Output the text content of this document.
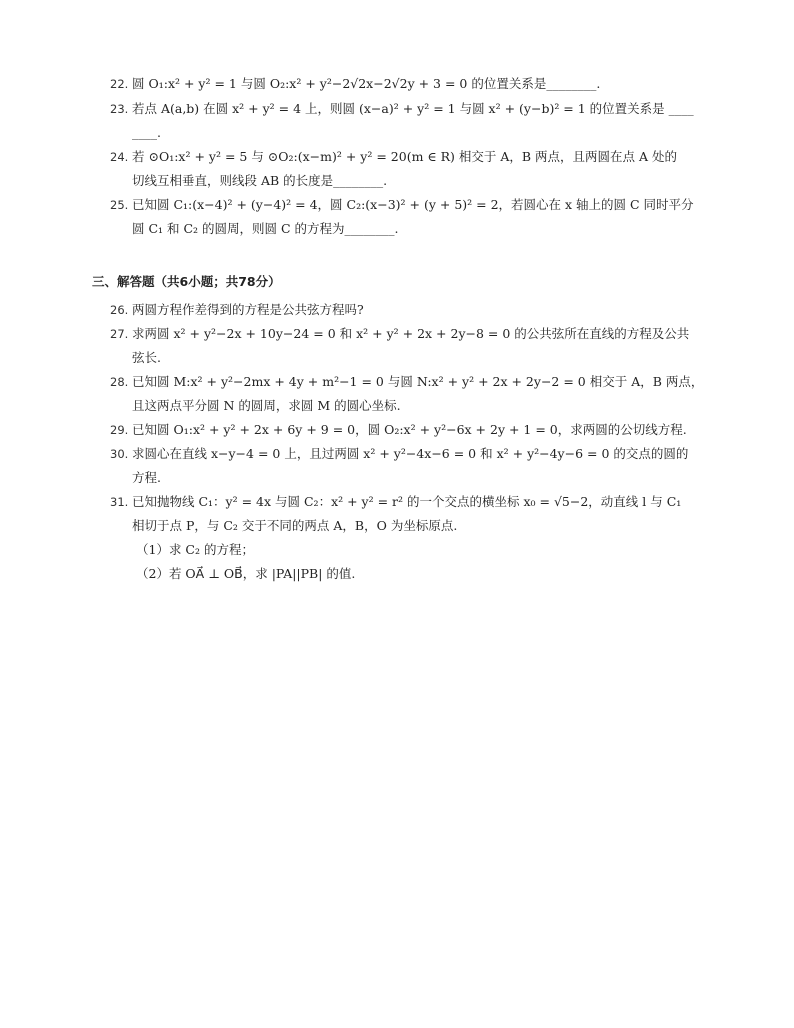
22. 圆 O₁:x² + y² = 1 与圆 O₂:x² + y²−2√2x−2√2y + 3 = 0 的位置关系是________.
23. 若点 A(a,b) 在圆 x² + y² = 4 上，则圆 (x−a)² + y² = 1 与圆 x² + (y−b)² = 1 的位置关系是 ____
____.
24. 若 ⊙O₁:x² + y² = 5 与 ⊙O₂:(x−m)² + y² = 20(m ∈ R) 相交于 A，B 两点，且两圆在点 A 处的
切线互相垂直，则线段 AB 的长度是________.
25. 已知圆 C₁:(x−4)² + (y−4)² = 4，圆 C₂:(x−3)² + (y + 5)² = 2，若圆心在 x 轴上的圆 C 同时平分
圆 C₁ 和 C₂ 的圆周，则圆 C 的方程为________.
三、解答题（共6小题；共78分）
26. 两圆方程作差得到的方程是公共弦方程吗?
27. 求两圆 x² + y²−2x + 10y−24 = 0 和 x² + y² + 2x + 2y−8 = 0 的公共弦所在直线的方程及公共
弦长.
28. 已知圆 M:x² + y²−2mx + 4y + m²−1 = 0 与圆 N:x² + y² + 2x + 2y−2 = 0 相交于 A，B 两点，
且这两点平分圆 N 的圆周，求圆 M 的圆心坐标.
29. 已知圆 O₁:x² + y² + 2x + 6y + 9 = 0，圆 O₂:x² + y²−6x + 2y + 1 = 0，求两圆的公切线方程.
30. 求圆心在直线 x−y−4 = 0 上，且过两圆 x² + y²−4x−6 = 0 和 x² + y²−4y−6 = 0 的交点的圆的
方程.
31. 已知抛物线 C₁：y² = 4x 与圆 C₂：x² + y² = r² 的一个交点的横坐标 x₀ = √5−2，动直线 l 与 C₁
相切于点 P，与 C₂ 交于不同的两点 A，B，O 为坐标原点.
（1）求 C₂ 的方程；
（2）若 OA⃗ ⊥ OB⃗，求 |PA||PB| 的值.
